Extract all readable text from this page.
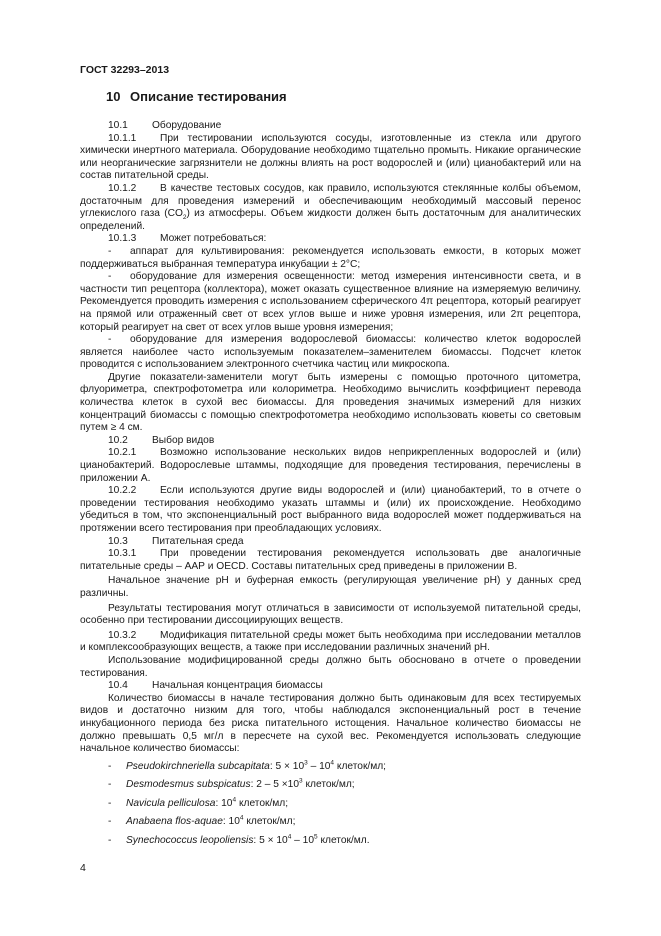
ГОСТ 32293–2013
10 Описание тестирования

10.1 Оборудование

10.1.1 При тестировании используются сосуды, изготовленные из стекла или другого химически инертного материала. Оборудование необходимо тщательно промыть. Никакие органические или неорганические загрязнители не должны влиять на рост водорослей и (или) цианобактерий или на состав питательной среды.

10.1.2 В качестве тестовых сосудов, как правило, используются стеклянные колбы объемом, достаточным для проведения измерений и обеспечивающим необходимый массовый перенос углекислого газа $(CO_2)$ из атмосферы. Объем жидкости должен быть достаточным для аналитических определений.

10.1.3 Может потребоваться:

- аппарат для культивирования: рекомендуется использовать емкости, в которых может поддерживаться выбранная температура инкубации ± 2°С;

- оборудование для измерения освещенности: метод измерения интенсивности света, и в частности тип рецептора (коллектора), может оказать существенное влияние на измеряемую величину. Рекомендуется проводить измерения с использованием сферического 4π рецептора, который реагирует на прямой или отраженный свет от всех углов выше и ниже уровня измерения, или 2π рецептора, который реагирует на свет от всех углов выше уровня измерения;

- оборудование для измерения водорослевой биомассы: количество клеток водорослей является наиболее часто используемым показателем–заменителем биомассы. Подсчет клеток проводится с использованием электронного счетчика частиц или микроскопа.

Другие показатели-заменители могут быть измерены с помощью проточного цитометра, флуориметра, спектрофотометра или колориметра. Необходимо вычислить коэффициент перевода количества клеток в сухой вес биомассы. Для проведения значимых измерений для низких концентраций биомассы с помощью спектрофотометра необходимо использовать кюветы со световым путем ≥ 4 см.

10.2 Выбор видов

10.2.1 Возможно использование нескольких видов неприкрепленных водорослей и (или) цианобактерий. Водорослевые штаммы, подходящие для проведения тестирования, перечислены в приложении А.

10.2.2 Если используются другие виды водорослей и (или) цианобактерий, то в отчете о проведении тестирования необходимо указать штаммы и (или) их происхождение. Необходимо убедиться в том, что экспоненциальный рост выбранного вида водорослей может поддерживаться на протяжении всего тестирования при преобладающих условиях.

10.3 Питательная среда

10.3.1 При проведении тестирования рекомендуется использовать две аналогичные питательные среды – ААР и OECD. Составы питательных сред приведены в приложении В.

Начальное значение pH и буферная емкость (регулирующая увеличение pH) у данных сред различны.

Результаты тестирования могут отличаться в зависимости от используемой питательной среды, особенно при тестировании диссоциирующих веществ.

10.3.2 Модификация питательной среды может быть необходима при исследовании металлов и комплексообразующих веществ, а также при исследовании различных значений pH.

Использование модифицированной среды должно быть обосновано в отчете о проведении тестирования.

10.4 Начальная концентрация биомассы

Количество биомассы в начале тестирования должно быть одинаковым для всех тестируемых видов и достаточно низким для того, чтобы наблюдался экспоненциальный рост в течение инкубационного периода без риска питательного истощения. Начальное количество биомассы не должно превышать 0,5 мг/л в пересчете на сухой вес. Рекомендуется использовать следующие начальное количество биомассы:

- Pseudokirchneriella subcapitata: $5 \times 10^3 - 10^4$ клеток/мл;

- Desmodesmus subspicatus: $2 - 5 \times 10^3$ клеток/мл;

- Navicula pelliculosa: $10^4$ клеток/мл;

- Anabaena flos-aquae: $10^4$ клеток/мл;

- Synechococcus leopoliensis: $5 \times 10^4 - 10^5$ клеток/мл.

4
